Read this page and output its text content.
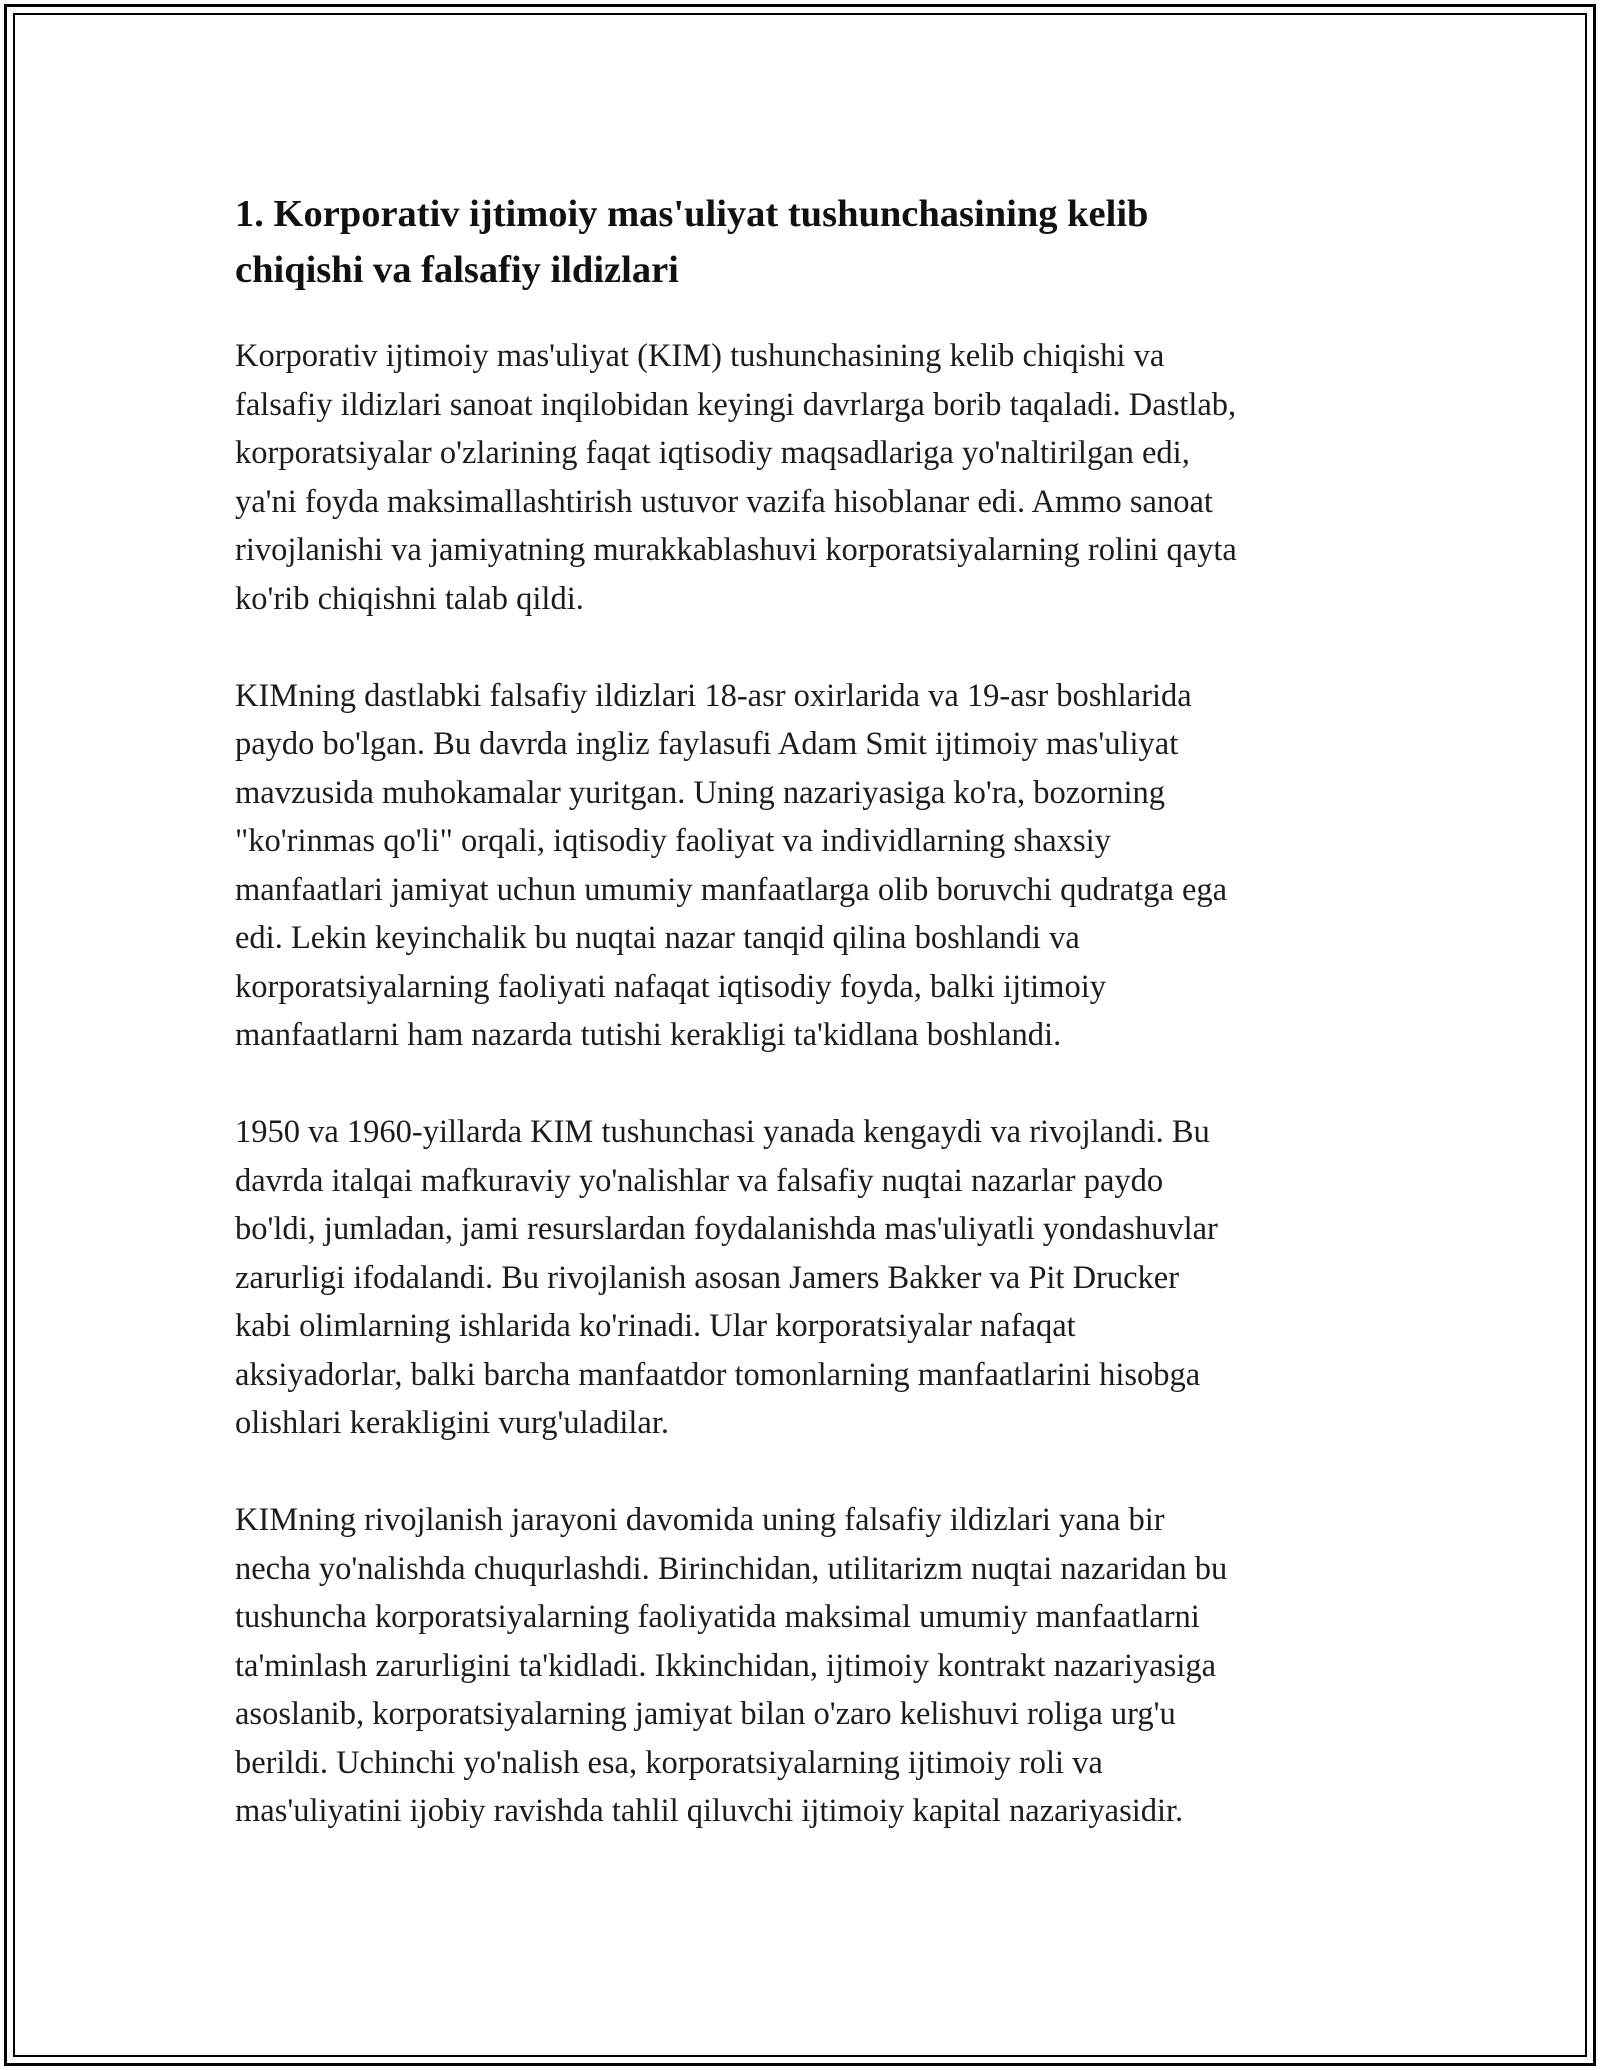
1. Korporativ ijtimoiy mas'uliyat tushunchasining kelib
chiqishi va falsafiy ildizlari

Korporativ ijtimoiy mas'uliyat (KIM) tushunchasining kelib chiqishi va
falsafiy ildizlari sanoat inqilobidan keyingi davrlarga borib taqaladi. Dastlab,
korporatsiyalar o'zlarining faqat iqtisodiy maqsadlariga yo'naltirilgan edi,
ya'ni foyda maksimallashtirish ustuvor vazifa hisoblanar edi. Ammo sanoat
rivojlanishi va jamiyatning murakkablashuvi korporatsiyalarning rolini qayta
ko'rib chiqishni talab qildi.

KIMning dastlabki falsafiy ildizlari 18-asr oxirlarida va 19-asr boshlarida
paydo bo'lgan. Bu davrda ingliz faylasufi Adam Smit ijtimoiy mas'uliyat
mavzusida muhokamalar yuritgan. Uning nazariyasiga ko'ra, bozorning
"ko'rinmas qo'li" orqali, iqtisodiy faoliyat va individlarning shaxsiy
manfaatlari jamiyat uchun umumiy manfaatlarga olib boruvchi qudratga ega
edi. Lekin keyinchalik bu nuqtai nazar tanqid qilina boshlandi va
korporatsiyalarning faoliyati nafaqat iqtisodiy foyda, balki ijtimoiy
manfaatlarni ham nazarda tutishi kerakligi ta'kidlana boshlandi.

1950 va 1960-yillarda KIM tushunchasi yanada kengaydi va rivojlandi. Bu
davrda italqai mafkuraviy yo'nalishlar va falsafiy nuqtai nazarlar paydo
bo'ldi, jumladan, jami resurslardan foydalanishda mas'uliyatli yondashuvlar
zarurligi ifodalandi. Bu rivojlanish asosan Jamers Bakker va Pit Drucker
kabi olimlarning ishlarida ko'rinadi. Ular korporatsiyalar nafaqat
aksiyadorlar, balki barcha manfaatdor tomonlarning manfaatlarini hisobga
olishlari kerakligini vurg'uladilar.

KIMning rivojlanish jarayoni davomida uning falsafiy ildizlari yana bir
necha yo'nalishda chuqurlashdi. Birinchidan, utilitarizm nuqtai nazaridan bu
tushuncha korporatsiyalarning faoliyatida maksimal umumiy manfaatlarni
ta'minlash zarurligini ta'kidladi. Ikkinchidan, ijtimoiy kontrakt nazariyasiga
asoslanib, korporatsiyalarning jamiyat bilan o'zaro kelishuvi roliga urg'u
berildi. Uchinchi yo'nalish esa, korporatsiyalarning ijtimoiy roli va
mas'uliyatini ijobiy ravishda tahlil qiluvchi ijtimoiy kapital nazariyasidir.
